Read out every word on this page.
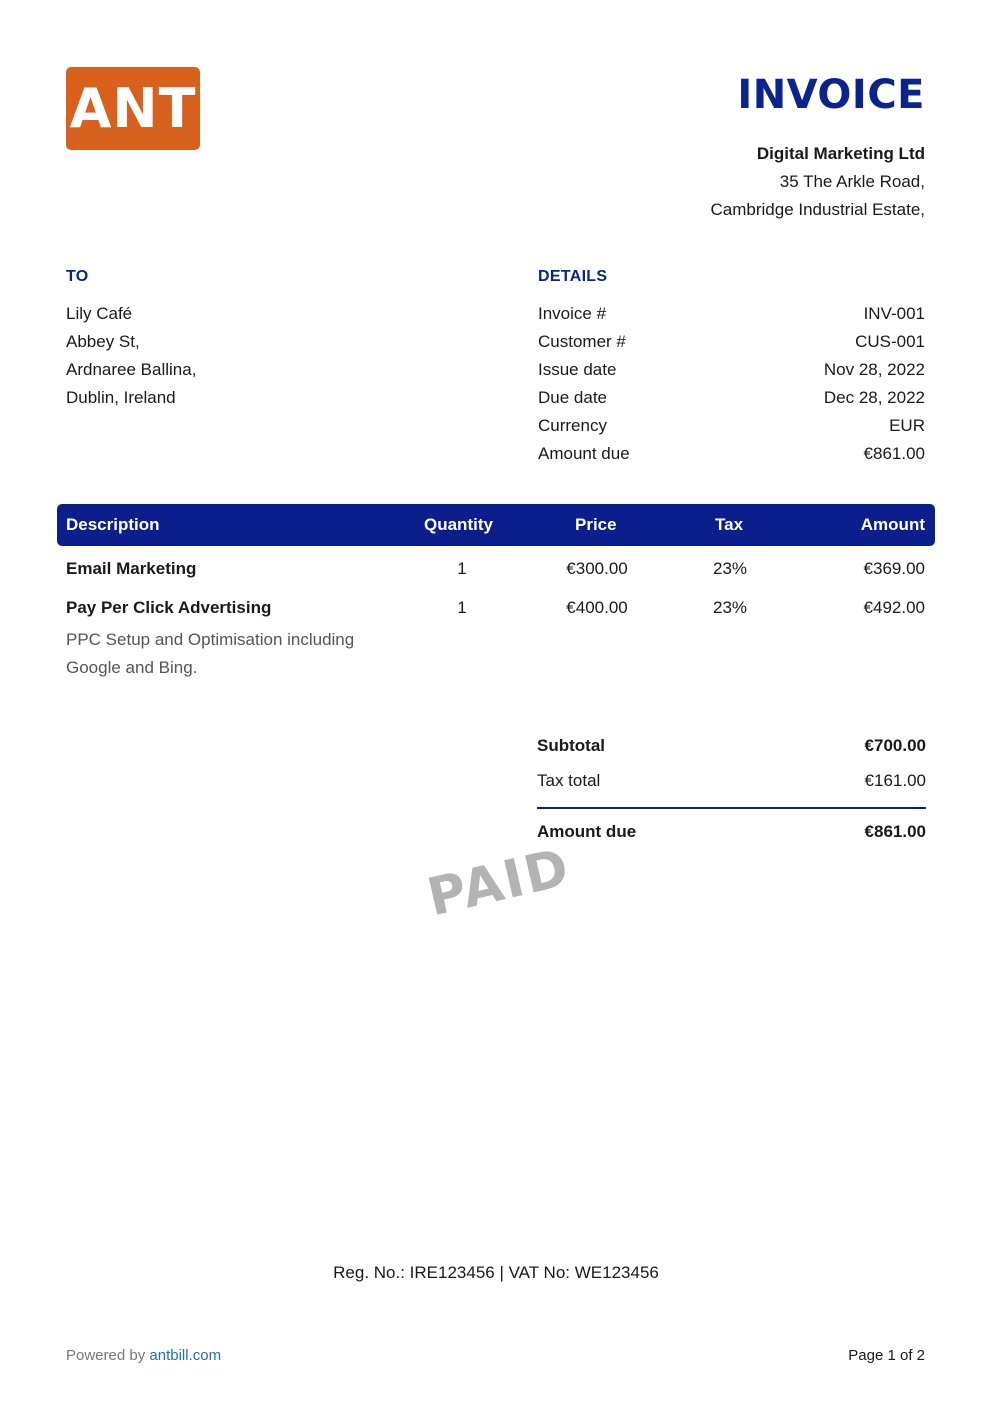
ANT	INVOICE
Digital Marketing Ltd
35 The Arkle Road,
Cambridge Industrial Estate,
TO	DETAILS
Lily Café
Abbey St,
Ardnaree Ballina,
Dublin, Ireland
Invoice #	INV-001
Customer #	CUS-001
Issue date	Nov 28, 2022
Due date	Dec 28, 2022
Currency	EUR
Amount due	€861.00
Description	Quantity	Price	Tax	Amount
Email Marketing	1	€300.00	23%	€369.00
Pay Per Click Advertising	1	€400.00	23%	€492.00
PPC Setup and Optimisation including Google and Bing.
Subtotal	€700.00
Tax total	€161.00
Amount due	€861.00
PAID
Reg. No.: IRE123456 | VAT No: WE123456
Powered by antbill.com	Page 1 of 2
